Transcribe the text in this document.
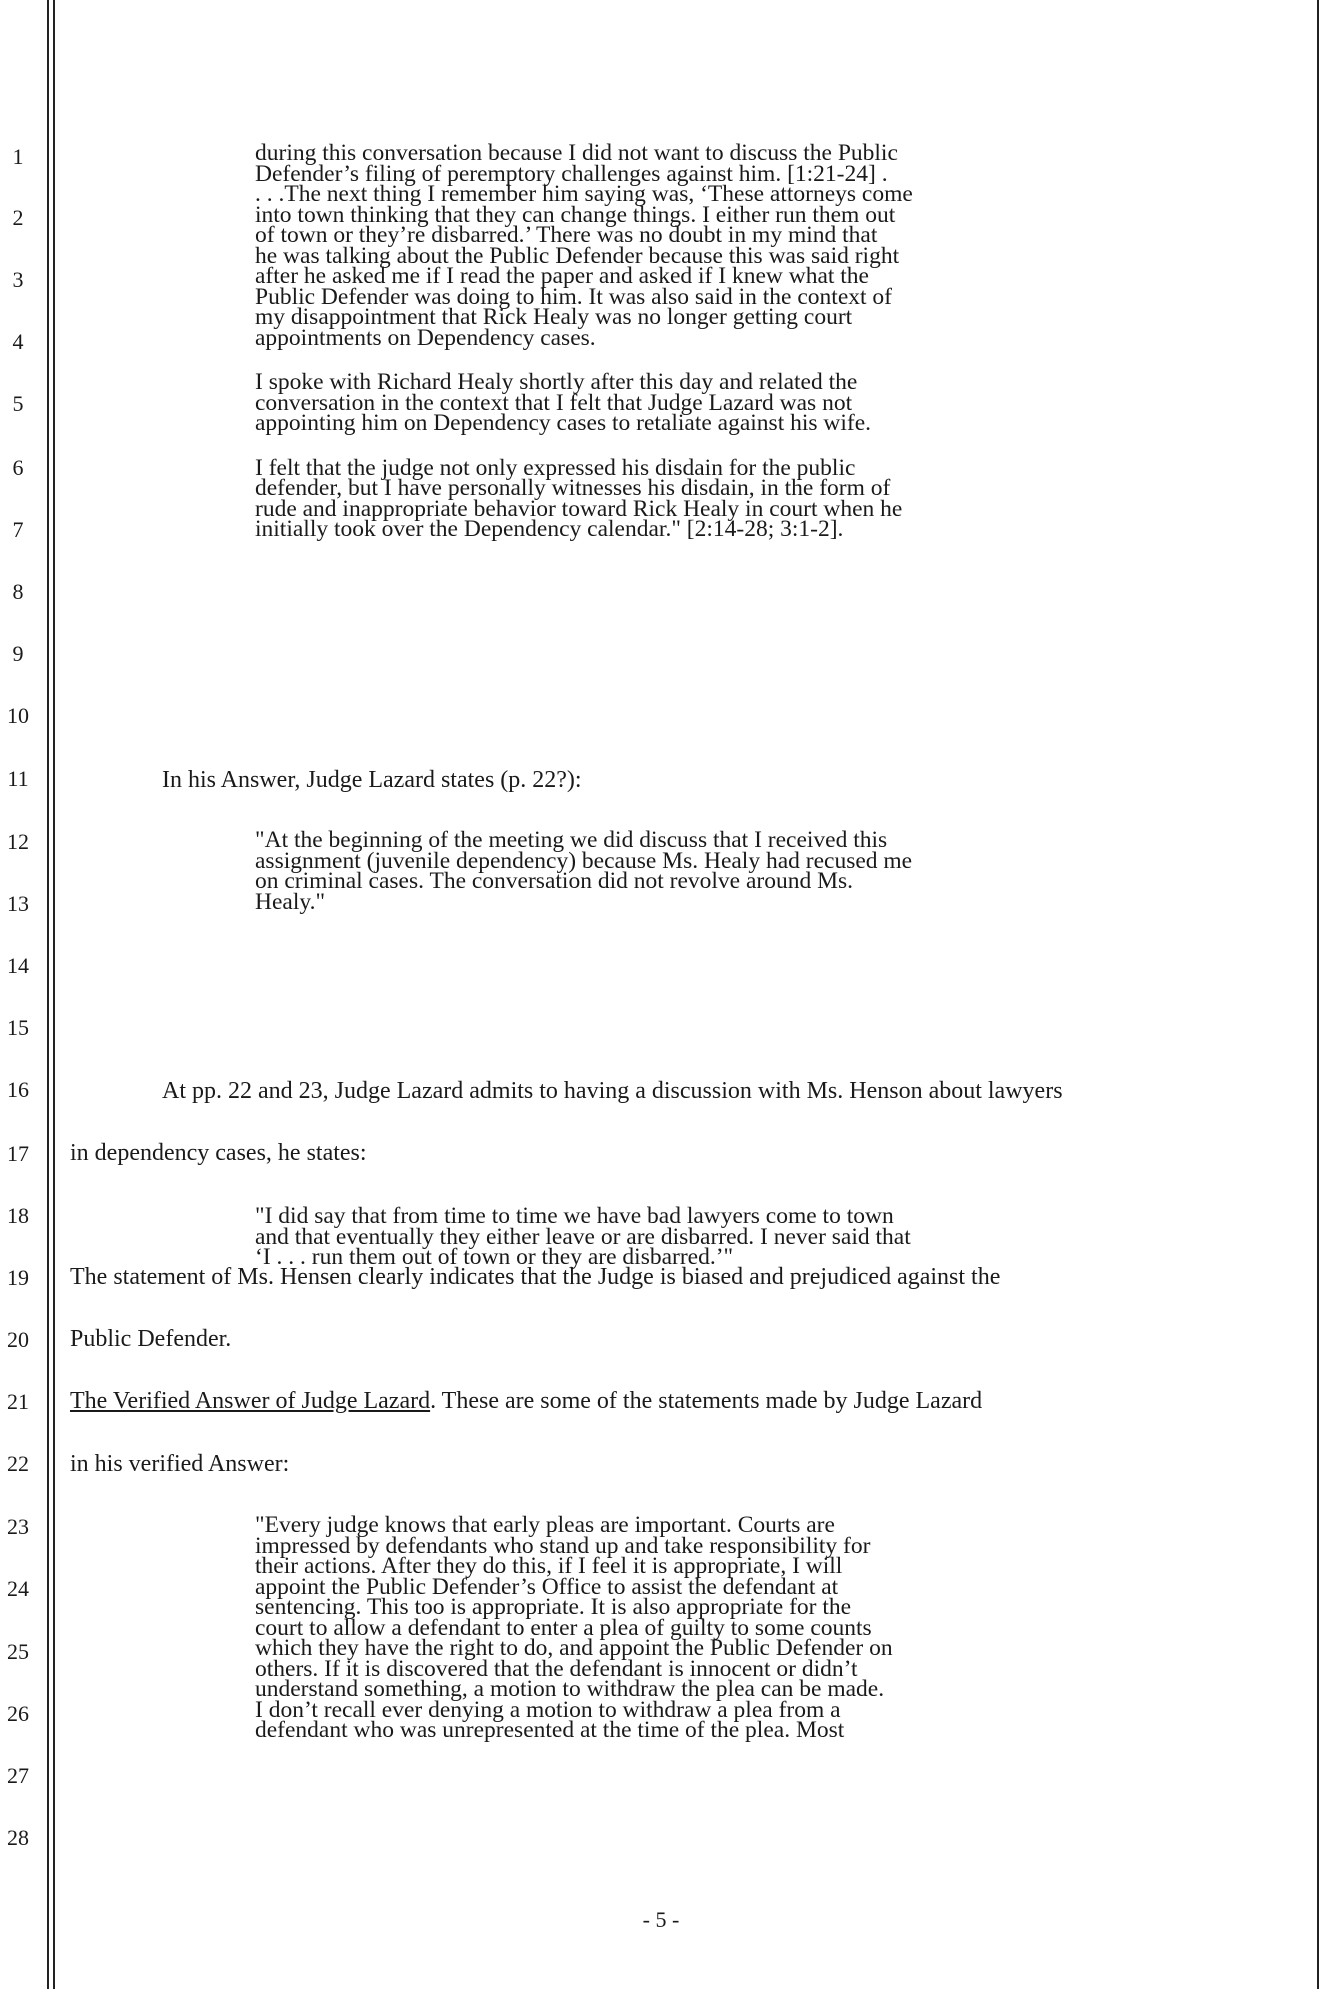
1
2
3
4
5
6
7
8
9
10
11
12
13
14
15
16
17
18
19
20
21
22
23
24
25
26
27
28

during this conversation because I did not want to discuss the Public

Defender’s filing of peremptory challenges against him. [1:21-24] .

. . .The next thing I remember him saying was, ‘These attorneys come

into town thinking that they can change things. I either run them out

of town or they’re disbarred.’ There was no doubt in my mind that

he was talking about the Public Defender because this was said right

after he asked me if I read the paper and asked if I knew what the

Public Defender was doing to him. It was also said in the context of

my disappointment that Rick Healy was no longer getting court

appointments on Dependency cases.

I spoke with Richard Healy shortly after this day and related the

conversation in the context that I felt that Judge Lazard was not

appointing him on Dependency cases to retaliate against his wife.

I felt that the judge not only expressed his disdain for the public

defender, but I have personally witnesses his disdain, in the form of

rude and inappropriate behavior toward Rick Healy in court when he

initially took over the Dependency calendar." [2:14-28; 3:1-2].

In his Answer, Judge Lazard states (p. 22?):

"At the beginning of the meeting we did discuss that I received this

assignment (juvenile dependency) because Ms. Healy had recused me

on criminal cases. The conversation did not revolve around Ms.

Healy."

At pp. 22 and 23, Judge Lazard admits to having a discussion with Ms. Henson about lawyers
in dependency cases, he states:

"I did say that from time to time we have bad lawyers come to town

and that eventually they either leave or are disbarred. I never said that

‘I . . . run them out of town or they are disbarred.’"

The statement of Ms. Hensen clearly indicates that the Judge is biased and prejudiced against the
Public Defender.
The Verified Answer of Judge Lazard. These are some of the statements made by Judge Lazard
in his verified Answer:

"Every judge knows that early pleas are important. Courts are

impressed by defendants who stand up and take responsibility for

their actions. After they do this, if I feel it is appropriate, I will

appoint the Public Defender’s Office to assist the defendant at

sentencing. This too is appropriate. It is also appropriate for the

court to allow a defendant to enter a plea of guilty to some counts

which they have the right to do, and appoint the Public Defender on

others. If it is discovered that the defendant is innocent or didn’t

understand something, a motion to withdraw the plea can be made.

I don’t recall ever denying a motion to withdraw a plea from a

defendant who was unrepresented at the time of the plea. Most

- 5 -
